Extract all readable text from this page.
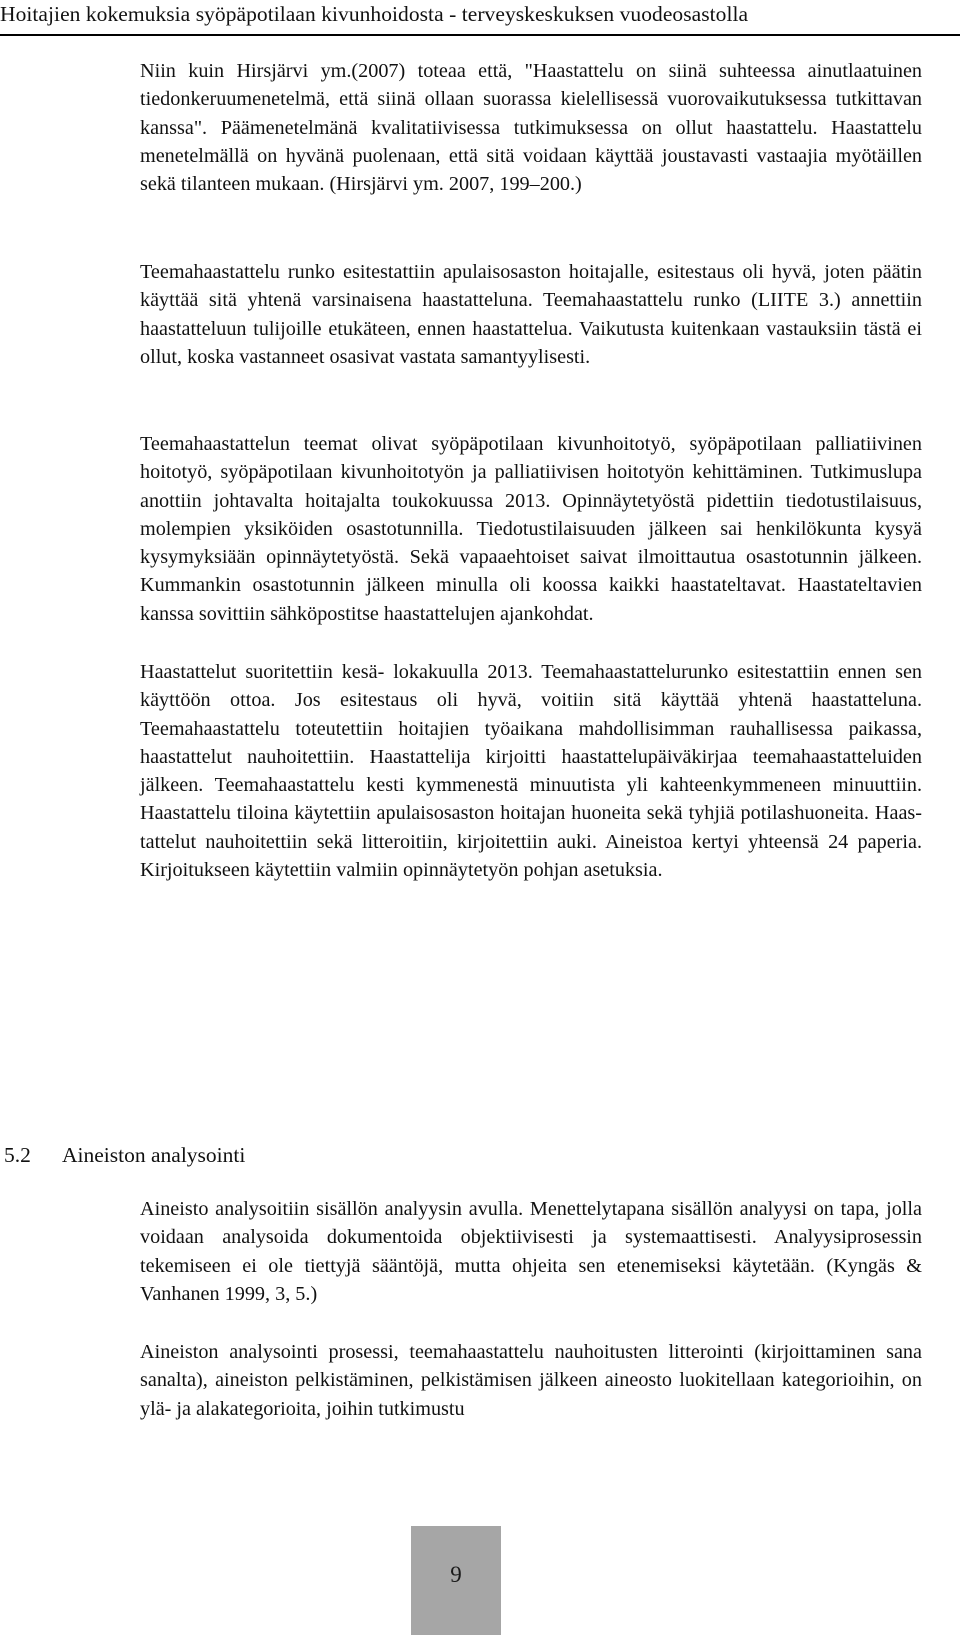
Hoitajien kokemuksia syöpäpotilaan kivunhoidosta - terveyskeskuksen vuodeosastolla

Niin kuin Hirsjärvi ym.(2007) toteaa että, "Haastattelu on siinä suhteessa ainutlaatuinen tiedonkeruumenetelmä, että siinä ollaan suorassa kielellisessä vuorovaikutuksessa tutkittavan kanssa". Päämenetelmänä kvalitatiivisessa tutkimuksessa on ollut haastattelu. Haastattelu menetelmällä on hyvänä puolenaan, että sitä voidaan käyttää joustavasti vastaajia myötäillen sekä tilanteen mukaan. (Hirsjärvi ym. 2007, 199–200.)

Teemahaastattelu runko esitestattiin apulaisosaston hoitajalle, esitestaus oli hyvä, joten päätin käyttää sitä yhtenä varsinaisena haastatteluna. Teemahaastattelu runko (LIITE 3.) annettiin haastatteluun tulijoille etukäteen, ennen haastattelua. Vaikutusta kuitenkaan vastauksiin tästä ei ollut, koska vastanneet osasivat vastata samantyylisesti.

Teemahaastattelun teemat olivat syöpäpotilaan kivunhoitotyö, syöpäpotilaan palliatiivinen hoitotyö, syöpäpotilaan kivunhoitotyön ja palliatiivisen hoitotyön kehittäminen. Tutkimuslupa anottiin johtavalta hoitajalta toukokuussa 2013. Opinnäytetyöstä pidettiin tiedotustilaisuus, molempien yksiköiden osastotunnilla. Tiedotustilaisuuden jälkeen sai henkilökunta kysyä kysymyksiään opinnäytetyöstä. Sekä vapaaehtoiset saivat ilmoittautua osastotunnin jälkeen. Kummankin osastotunnin jälkeen minulla oli koossa kaikki haastateltavat. Haastateltavien kanssa sovittiin sähköpostitse haastattelujen ajankohdat.

Haastattelut suoritettiin kesä- lokakuulla 2013. Teemahaastattelurunko esitestattiin ennen sen käyttöön ottoa. Jos esitestaus oli hyvä, voitiin sitä käyttää yhtenä haastatteluna. Teemahaastattelu toteutettiin hoitajien työaikana mahdollisimman rauhallisessa paikassa, haastattelut nauhoitettiin. Haastattelija kirjoitti haastattelupäiväkirjaa teemahaastatteluiden jälkeen. Teemahaastattelu kesti kymmenestä minuutista yli kahteenkymmeneen minuuttiin. Haastattelu tiloina käytettiin apulaisosaston hoitajan huoneita sekä tyhjiä potilashuoneita. Haastattelut nauhoitettiin sekä litteroitiin, kirjoitettiin auki. Aineistoa kertyi yhteensä 24 paperia. Kirjoitukseen käytettiin valmiin opinnäytetyön pohjan asetuksia.

5.2 Aineiston analysointi

Aineisto analysoitiin sisällön analyysin avulla. Menettelytapana sisällön analyysi on tapa, jolla voidaan analysoida dokumentoida objektiivisesti ja systemaattisesti. Analyysiprosessin tekemiseen ei ole tiettyjä sääntöjä, mutta ohjeita sen etenemiseksi käytetään. (Kyngäs & Vanhanen 1999, 3, 5.)

Aineiston analysointi prosessi, teemahaastattelu nauhoitusten litterointi (kirjoittaminen sana sanalta), aineiston pelkistäminen, pelkistämisen jälkeen aineosto luokitellaan kategorioihin, on ylä- ja alakategorioita, joihin tutkimustu

9
